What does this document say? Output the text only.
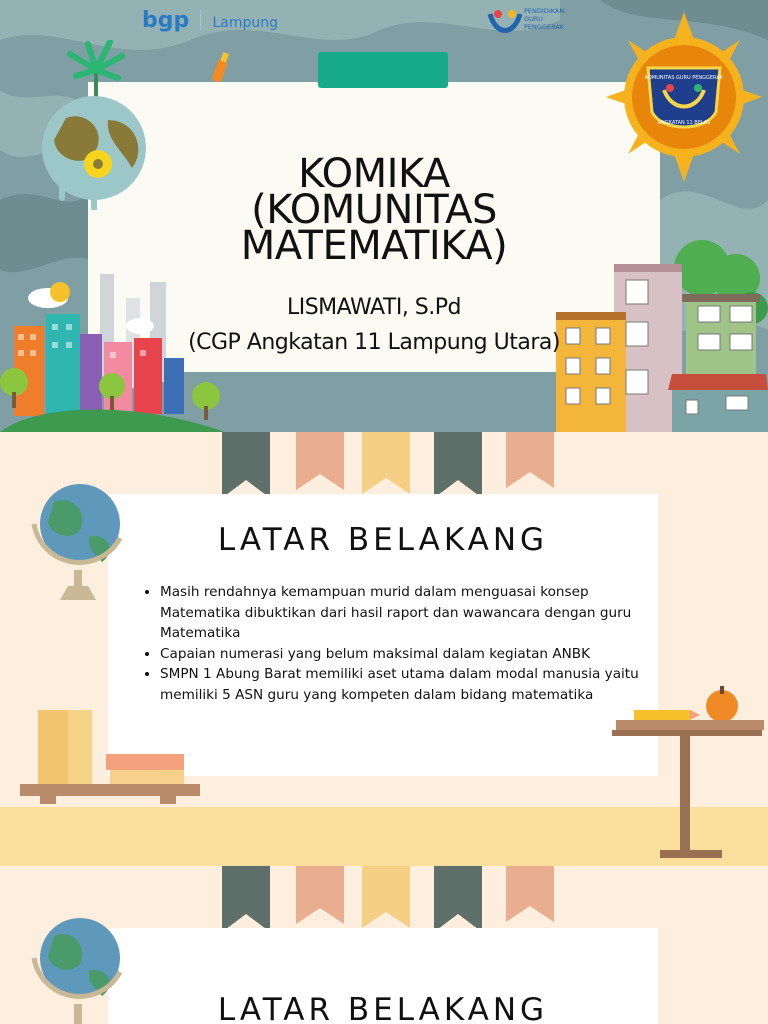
bgp Lampung
PENDIDIKAN
GURU
PENGGERAK
KOMUNITAS GURU PENGGERAK
ANGKATAN 11 BELAS
KOMIKA
(KOMUNITAS
MATEMATIKA)
LISMAWATI, S.Pd
(CGP Angkatan 11 Lampung Utara)
LATAR BELAKANG
• Masih rendahnya kemampuan murid dalam menguasai konsep Matematika dibuktikan dari hasil raport dan wawancara dengan guru Matematika
• Capaian numerasi yang belum maksimal dalam kegiatan ANBK
• SMPN 1 Abung Barat memiliki aset utama dalam modal manusia yaitu memiliki 5 ASN guru yang kompeten dalam bidang matematika
LATAR BELAKANG
